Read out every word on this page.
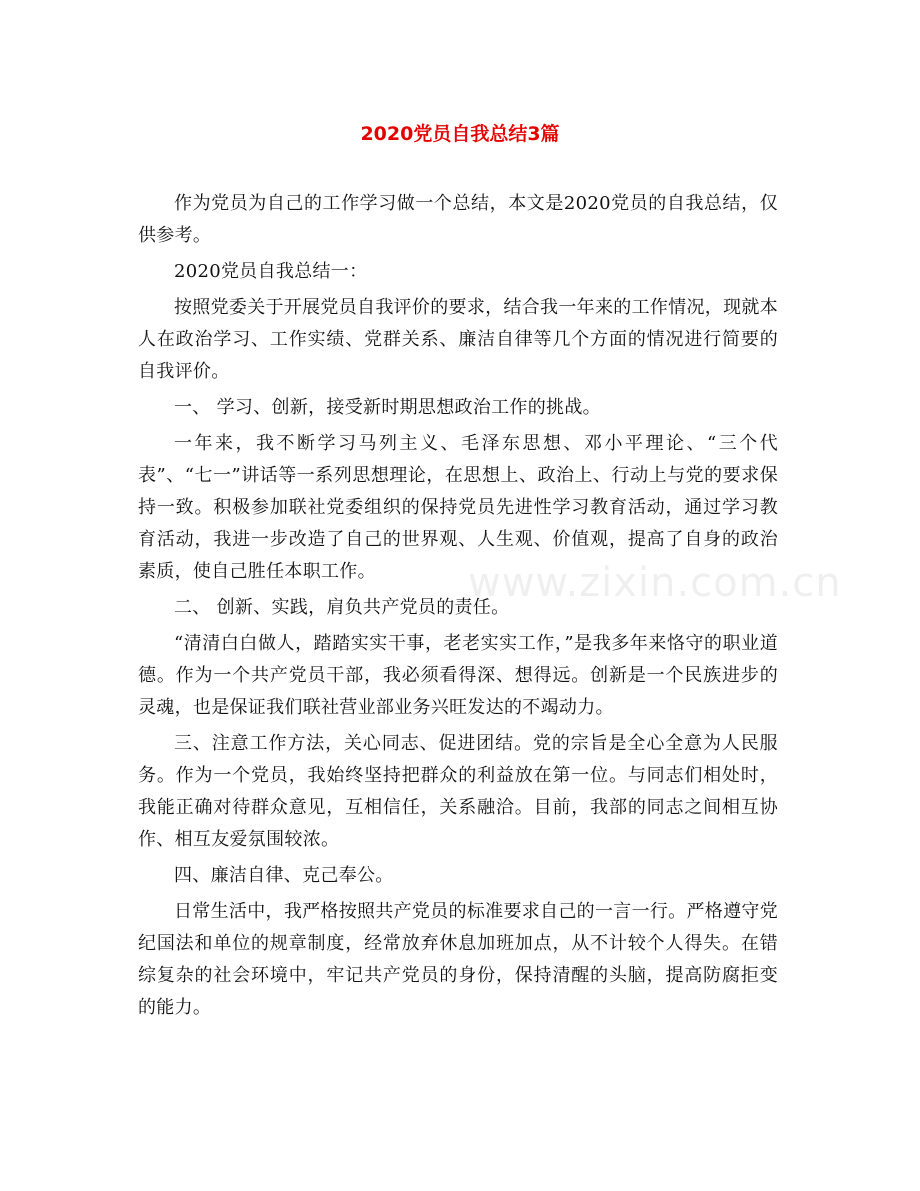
2020党员自我总结3篇
www.zixin.com.cn

作为党员为自己的工作学习做一个总结，本文是2020党员的自我总结，仅供参考。

2020党员自我总结一：

按照党委关于开展党员自我评价的要求，结合我一年来的工作情况，现就本人在政治学习、工作实绩、党群关系、廉洁自律等几个方面的情况进行简要的自我评价。

一、 学习、创新，接受新时期思想政治工作的挑战。

一年来，我不断学习马列主义、毛泽东思想、邓小平理论、“三个代表”、“七一”讲话等一系列思想理论，在思想上、政治上、行动上与党的要求保持一致。积极参加联社党委组织的保持党员先进性学习教育活动，通过学习教育活动，我进一步改造了自己的世界观、人生观、价值观，提高了自身的政治素质，使自己胜任本职工作。

二、 创新、实践，肩负共产党员的责任。

“清清白白做人，踏踏实实干事，老老实实工作，”是我多年来恪守的职业道德。作为一个共产党员干部，我必须看得深、想得远。创新是一个民族进步的灵魂，也是保证我们联社营业部业务兴旺发达的不竭动力。

三、注意工作方法，关心同志、促进团结。党的宗旨是全心全意为人民服务。作为一个党员，我始终坚持把群众的利益放在第一位。与同志们相处时，我能正确对待群众意见，互相信任，关系融洽。目前，我部的同志之间相互协作、相互友爱氛围较浓。

四、廉洁自律、克己奉公。

日常生活中，我严格按照共产党员的标准要求自己的一言一行。严格遵守党纪国法和单位的规章制度，经常放弃休息加班加点，从不计较个人得失。在错综复杂的社会环境中，牢记共产党员的身份，保持清醒的头脑，提高防腐拒变的能力。
